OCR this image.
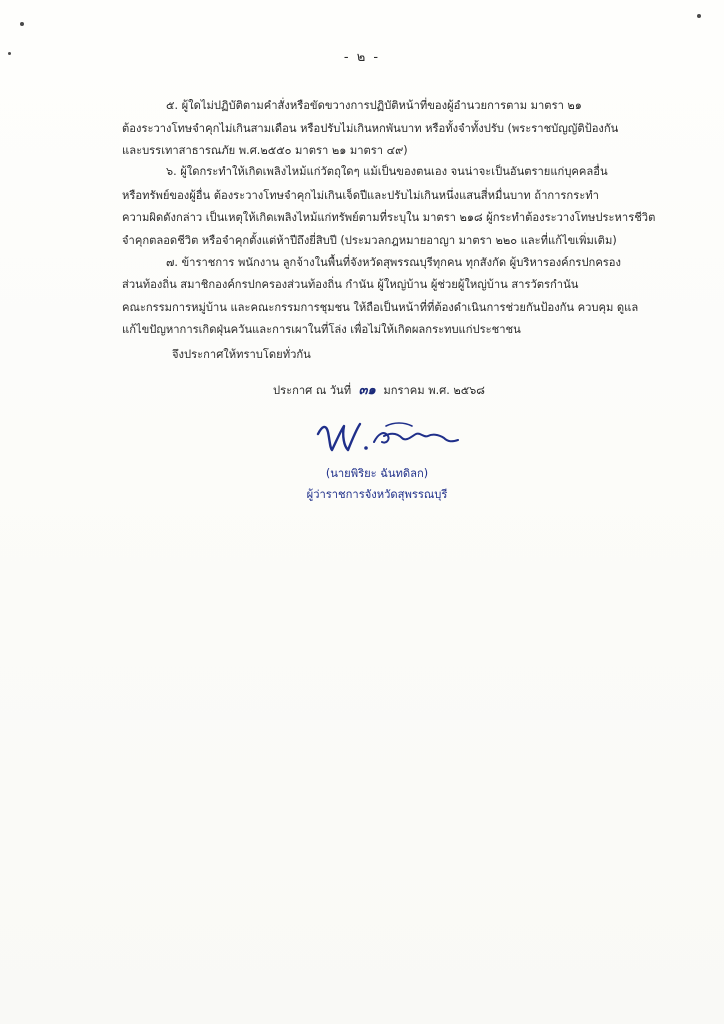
- ๒ -
๕. ผู้ใดไม่ปฏิบัติตามคำสั่งหรือขัดขวางการปฏิบัติหน้าที่ของผู้อำนวยการตาม มาตรา ๒๑
ต้องระวางโทษจำคุกไม่เกินสามเดือน หรือปรับไม่เกินหกพันบาท หรือทั้งจำทั้งปรับ (พระราชบัญญัติป้องกัน
และบรรเทาสาธารณภัย พ.ศ.๒๕๕๐ มาตรา ๒๑ มาตรา ๔๙)
๖. ผู้ใดกระทำให้เกิดเพลิงไหม้แก่วัตถุใดๆ แม้เป็นของตนเอง จนน่าจะเป็นอันตรายแก่บุคคลอื่น
หรือทรัพย์ของผู้อื่น ต้องระวางโทษจำคุกไม่เกินเจ็ดปีและปรับไม่เกินหนึ่งแสนสี่หมื่นบาท ถ้าการกระทำ
ความผิดดังกล่าว เป็นเหตุให้เกิดเพลิงไหม้แก่ทรัพย์ตามที่ระบุใน มาตรา ๒๑๘ ผู้กระทำต้องระวางโทษประหารชีวิต
จำคุกตลอดชีวิต หรือจำคุกตั้งแต่ห้าปีถึงยี่สิบปี (ประมวลกฎหมายอาญา มาตรา ๒๒๐ และที่แก้ไขเพิ่มเติม)
๗. ข้าราชการ พนักงาน ลูกจ้างในพื้นที่จังหวัดสุพรรณบุรีทุกคน ทุกสังกัด ผู้บริหารองค์กรปกครอง
ส่วนท้องถิ่น สมาชิกองค์กรปกครองส่วนท้องถิ่น กำนัน ผู้ใหญ่บ้าน ผู้ช่วยผู้ใหญ่บ้าน สารวัตรกำนัน
คณะกรรมการหมู่บ้าน และคณะกรรมการชุมชน ให้ถือเป็นหน้าที่ที่ต้องดำเนินการช่วยกันป้องกัน ควบคุม ดูแล
แก้ไขปัญหาการเกิดฝุ่นควันและการเผาในที่โล่ง เพื่อไม่ให้เกิดผลกระทบแก่ประชาชน
จึงประกาศให้ทราบโดยทั่วกัน
ประกาศ ณ วันที่ ๓๑ มกราคม พ.ศ. ๒๕๖๘
(นายพิริยะ ฉันทดิลก)
ผู้ว่าราชการจังหวัดสุพรรณบุรี
